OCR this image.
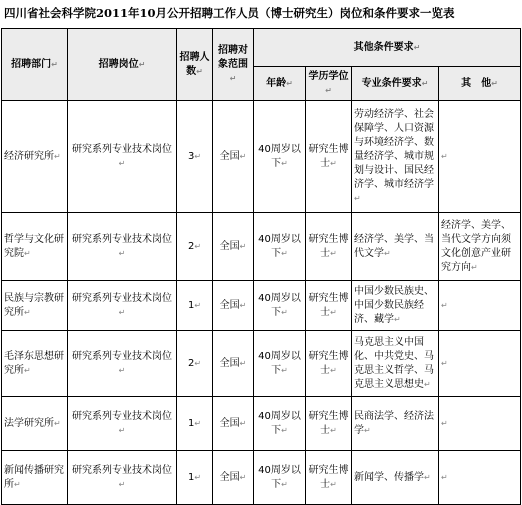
四川省社会科学院2011年10月公开招聘工作人员（博士研究生）岗位和条件要求一览表
招聘部门↵	招聘岗位↵	招聘人数↵	招聘对象范围↵	其他条件要求↵			
				年龄↵	学历学位↵	专业条件要求↵	其　他↵
经济研究所↵	研究系列专业技术岗位↵	3↵	全国↵	40周岁以下↵	研究生博士↵	劳动经济学、社会保障学、人口资源与环境经济学、数量经济学、城市规划与设计、国民经济学、城市经济学↵	↵
哲学与文化研究院↵	研究系列专业技术岗位↵	2↵	全国↵	40周岁以下↵	研究生博士↵	经济学、美学、当代文学↵	经济学、美学、当代文学方向须文化创意产业研究方向↵
民族与宗教研究所↵	研究系列专业技术岗位↵	1↵	全国↵	40周岁以下↵	研究生博士↵	中国少数民族史、中国少数民族经济、藏学↵	↵
毛泽东思想研究所↵	研究系列专业技术岗位↵	2↵	全国↵	40周岁以下↵	研究生博士↵	马克思主义中国化、中共党史、马克思主义哲学、马克思主义思想史↵	↵
法学研究所↵	研究系列专业技术岗位↵	1↵	全国↵	40周岁以下↵	研究生博士↵	民商法学、经济法学↵	↵
新闻传播研究所↵	研究系列专业技术岗位↵	1↵	全国↵	40周岁以下↵	研究生博士↵	新闻学、传播学↵	↵
